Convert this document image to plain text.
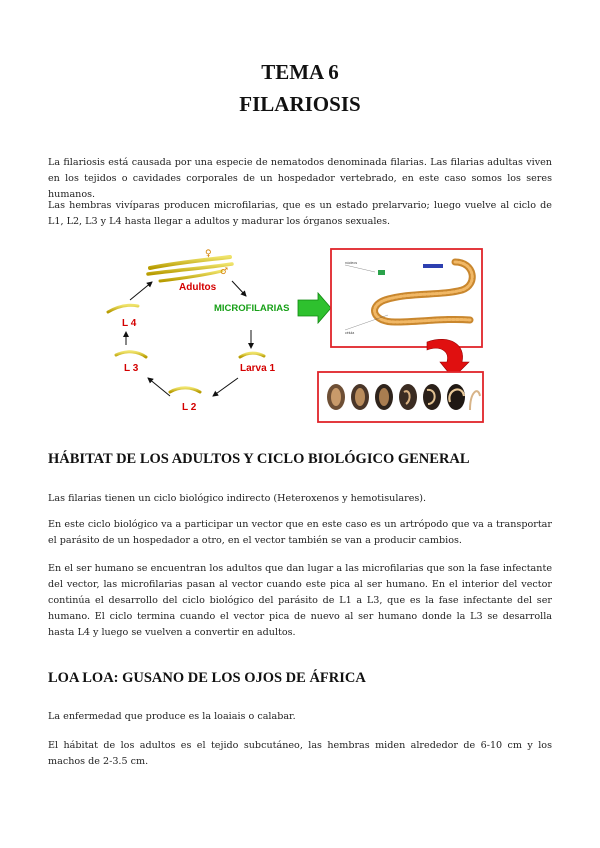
TEMA 6
FILARIOSIS

La filariosis está causada por una especie de nematodos denominada filarias. Las filarias adultas viven en los tejidos o cavidades corporales de un hospedador vertebrado, en este caso somos los seres humanos.

Las hembras vivíparas producen microfilarias, que es un estado prelarvario; luego vuelve al ciclo de L1, L2, L3 y L4 hasta llegar a adultos y madurar los órganos sexuales.

♀
♂
Adultos
MICROFILARIAS
L 4
L 3
L 2
Larva 1
núcleos
célula
HÁBITAT DE LOS ADULTOS Y CICLO BIOLÓGICO GENERAL

Las filarias tienen un ciclo biológico indirecto (Heteroxenos y hemotisulares).

En este ciclo biológico va a participar un vector que en este caso es un artrópodo que va a transportar el parásito de un hospedador a otro, en el vector también se van a producir cambios.

En el ser humano se encuentran los adultos que dan lugar a las microfilarias que son la fase infectante del vector, las microfilarias pasan al vector cuando este pica al ser humano. En el interior del vector continúa el desarrollo del ciclo biológico del parásito de L1 a L3, que es la fase infectante del ser humano. El ciclo termina cuando el vector pica de nuevo al ser humano donde la L3 se desarrolla hasta L4 y luego se vuelven a convertir en adultos.

LOA LOA: GUSANO DE LOS OJOS DE ÁFRICA

La enfermedad que produce es la loaiais o calabar.

El hábitat de los adultos es el tejido subcutáneo, las hembras miden alrededor de 6-10 cm y los machos de 2-3.5 cm.
